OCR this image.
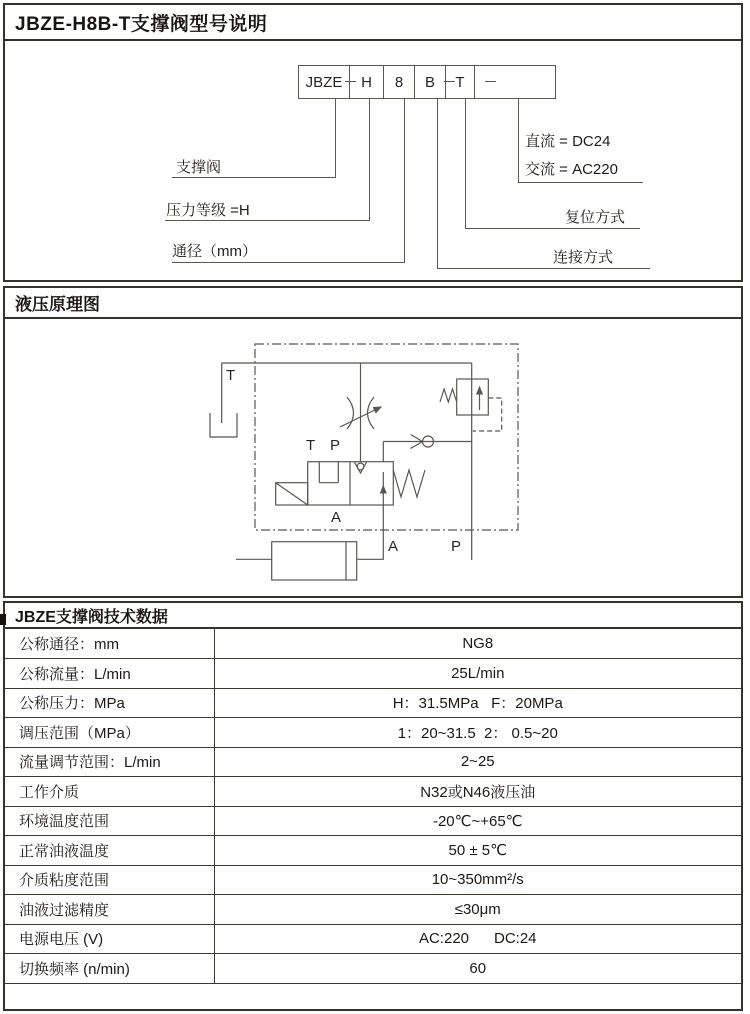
JBZE-H8B-T支撑阀型号说明
液压原理图
JBZE支撑阀技术数据
公称通径：mm	NG8
公称流量：L/min	25L/min
公称压力：MPa	H：31.5MPa   F：20MPa
调压范围（MPa）	1：20~31.5  2： 0.5~20
流量调节范围：L/min	2~25
工作介质	N32或N46液压油
环境温度范围	-20℃~+65℃
正常油液温度	50 ± 5℃
介质粘度范围	10~350mm²/s
油液过滤精度	≤30μm
电源电压 (V)	AC:220      DC:24
切换频率 (n/min)	60
JBZE	H	8	B	T
支撑阀
压力等级 =H
通径（mm）
直流 = DC24
交流 = AC220
复位方式
连接方式
T
T P
A
A	P
